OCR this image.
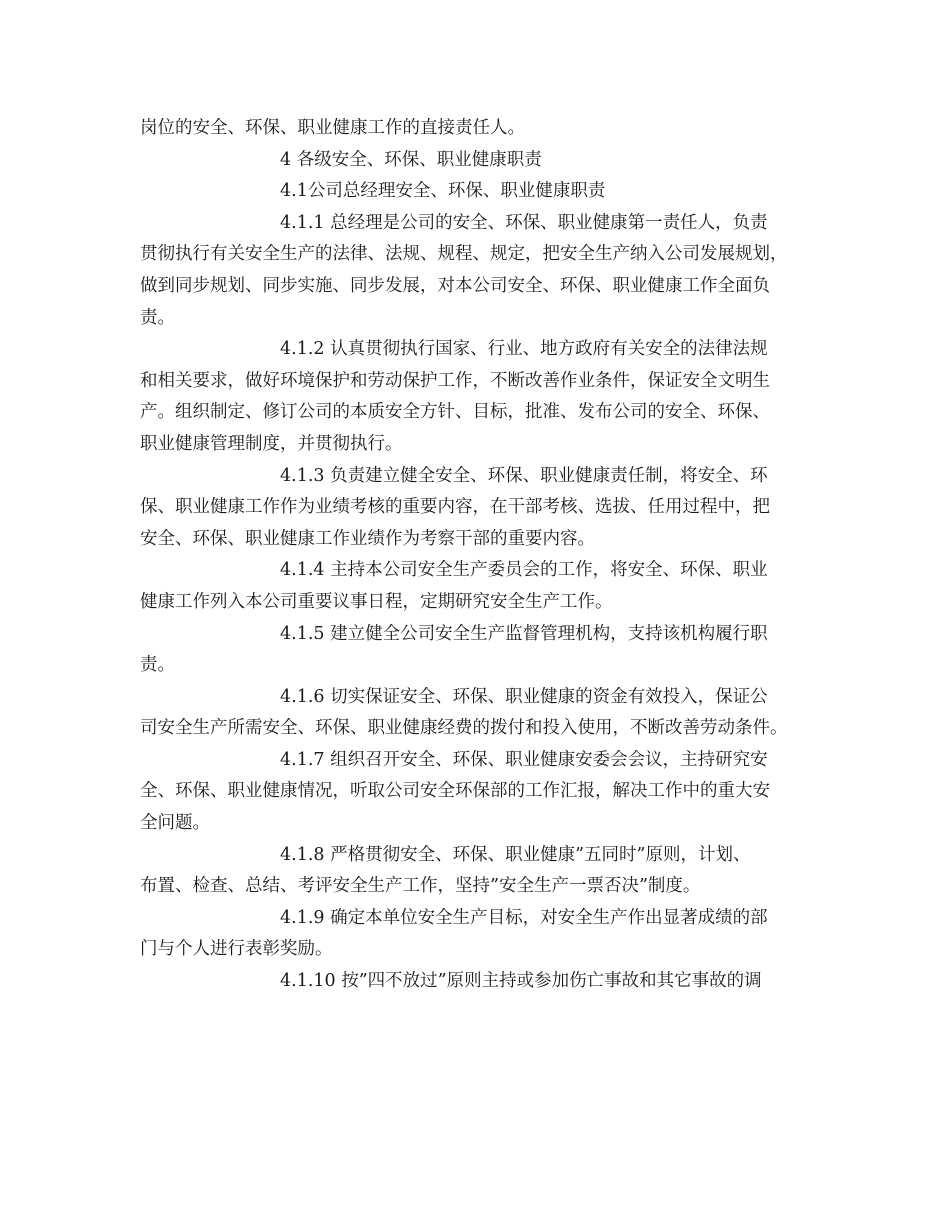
岗位的安全、环保、职业健康工作的直接责任人。
4 各级安全、环保、职业健康职责
4.1公司总经理安全、环保、职业健康职责
4.1.1 总经理是公司的安全、环保、职业健康第一责任人，负责
贯彻执行有关安全生产的法律、法规、规程、规定，把安全生产纳入公司发展规划，
做到同步规划、同步实施、同步发展，对本公司安全、环保、职业健康工作全面负
责。
4.1.2 认真贯彻执行国家、行业、地方政府有关安全的法律法规
和相关要求，做好环境保护和劳动保护工作，不断改善作业条件，保证安全文明生
产。组织制定、修订公司的本质安全方针、目标，批准、发布公司的安全、环保、
职业健康管理制度，并贯彻执行。
4.1.3 负责建立健全安全、环保、职业健康责任制，将安全、环
保、职业健康工作作为业绩考核的重要内容，在干部考核、选拔、任用过程中，把
安全、环保、职业健康工作业绩作为考察干部的重要内容。
4.1.4 主持本公司安全生产委员会的工作，将安全、环保、职业
健康工作列入本公司重要议事日程，定期研究安全生产工作。
4.1.5 建立健全公司安全生产监督管理机构，支持该机构履行职
责。
4.1.6 切实保证安全、环保、职业健康的资金有效投入，保证公
司安全生产所需安全、环保、职业健康经费的拨付和投入使用，不断改善劳动条件。
4.1.7 组织召开安全、环保、职业健康安委会会议，主持研究安
全、环保、职业健康情况，听取公司安全环保部的工作汇报，解决工作中的重大安
全问题。
4.1.8 严格贯彻安全、环保、职业健康”五同时”原则，计划、
布置、检查、总结、考评安全生产工作，坚持”安全生产一票否决”制度。
4.1.9 确定本单位安全生产目标，对安全生产作出显著成绩的部
门与个人进行表彰奖励。
4.1.10 按”四不放过”原则主持或参加伤亡事故和其它事故的调
